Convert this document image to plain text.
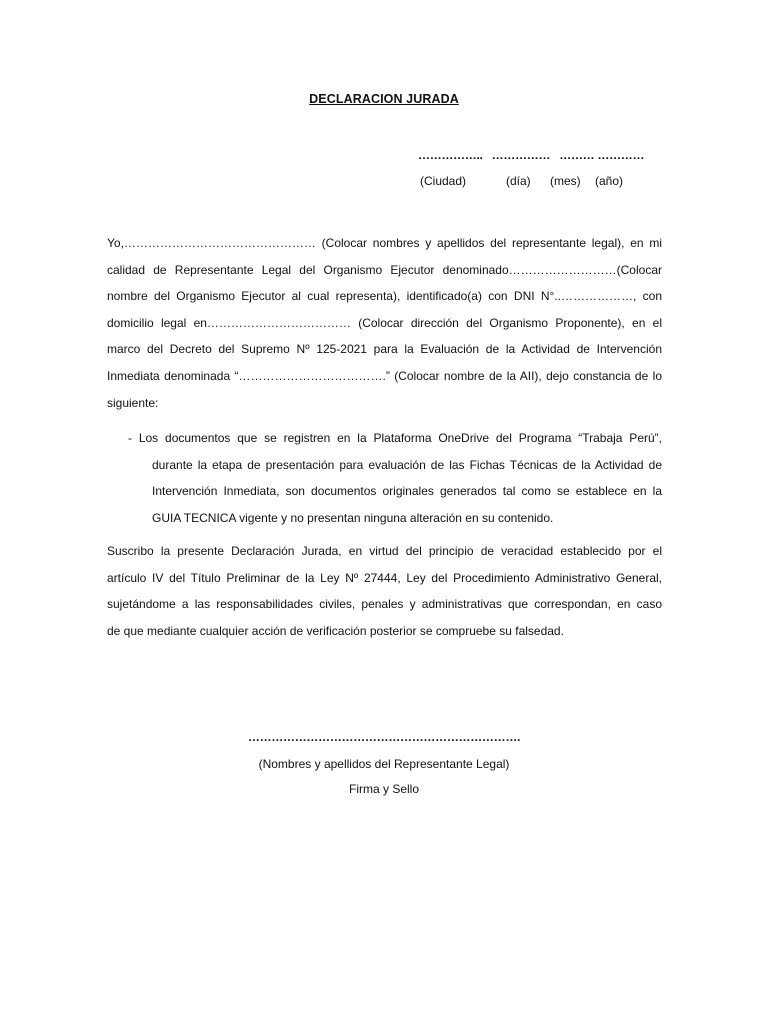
DECLARACION JURADA
……………..   ……………   ……… …………
(Ciudad)	(día) (mes) (año)
Yo,………………………………………… (Colocar nombres y apellidos del representante legal), en mi
calidad de Representante Legal del Organismo Ejecutor denominado………………………(Colocar
nombre del Organismo Ejecutor al cual representa), identificado(a) con DNI N°..………………, con
domicilio legal en……………………………… (Colocar dirección del Organismo Proponente), en el
marco del Decreto del Supremo Nº 125-2021 para la Evaluación de la Actividad de Intervención
Inmediata denominada “……………………………….” (Colocar nombre de la AII), dejo constancia de lo
siguiente:
- Los documentos que se registren en la Plataforma OneDrive del Programa “Trabaja Perú”,
durante la etapa de presentación para evaluación de las Fichas Técnicas de la Actividad de
Intervención Inmediata, son documentos originales generados tal como se establece en la
GUIA TECNICA vigente y no presentan ninguna alteración en su contenido.
Suscribo la presente Declaración Jurada, en virtud del principio de veracidad establecido por el
artículo IV del Título Preliminar de la Ley Nº 27444, Ley del Procedimiento Administrativo General,
sujetándome a las responsabilidades civiles, penales y administrativas que correspondan, en caso
de que mediante cualquier acción de verificación posterior se compruebe su falsedad.
…………………………………………………………….
(Nombres y apellidos del Representante Legal)
Firma y Sello
